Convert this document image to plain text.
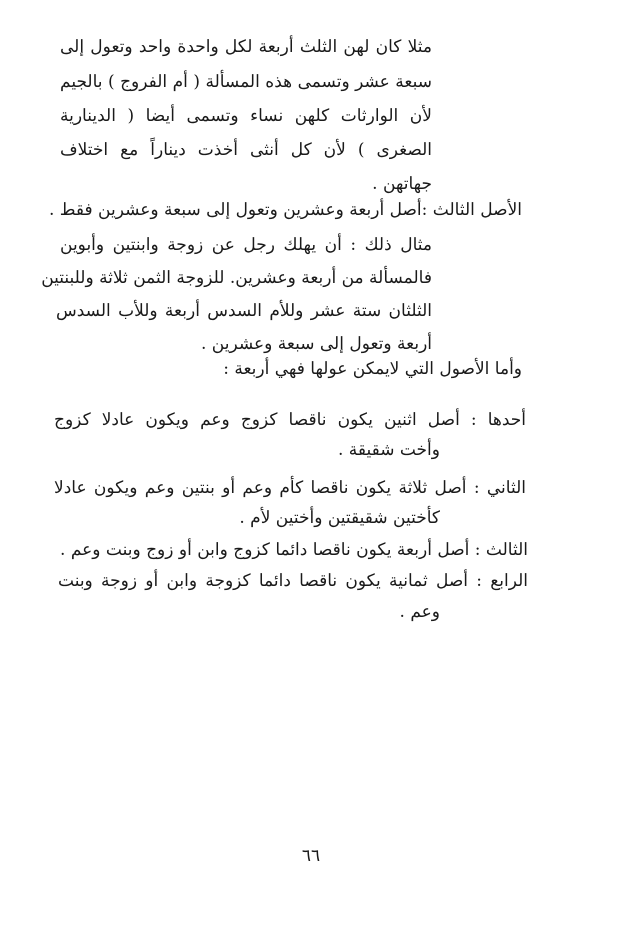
مثلا كان لهن الثلث أربعة لكل واحدة واحد وتعول إلى
سبعة عشر وتسمى هذه المسألة ( أم الفروج ) بالجيم
لأن الوارثات كلهن نساء وتسمى أيضا ( الدينارية
الصغرى ) لأن كل أنثى أخذت ديناراً مع اختلاف
جهاتهن .
الأصل الثالث :أصل أربعة وعشرين وتعول إلى سبعة وعشرين فقط .
مثال ذلك : أن يهلك رجل عن زوجة وابنتين وأبوين
فالمسألة من أربعة وعشرين. للزوجة الثمن ثلاثة وللبنتين
الثلثان ستة عشر وللأم السدس أربعة وللأب السدس
أربعة وتعول إلى سبعة وعشرين .
وأما الأصول التي لايمكن عولها فهي أربعة :
أحدها : أصل اثنين يكون ناقصا كزوج وعم ويكون عادلا كزوج
وأخت شقيقة .
الثاني : أصل ثلاثة يكون ناقصا كأم وعم أو بنتين وعم ويكون عادلا
كأختين شقيقتين وأختين لأم .
الثالث : أصل أربعة يكون ناقصا دائما كزوج وابن أو زوج وبنت وعم .
الرابع : أصل ثمانية يكون ناقصا دائما كزوجة وابن أو زوجة وبنت
وعم .
٦٦
